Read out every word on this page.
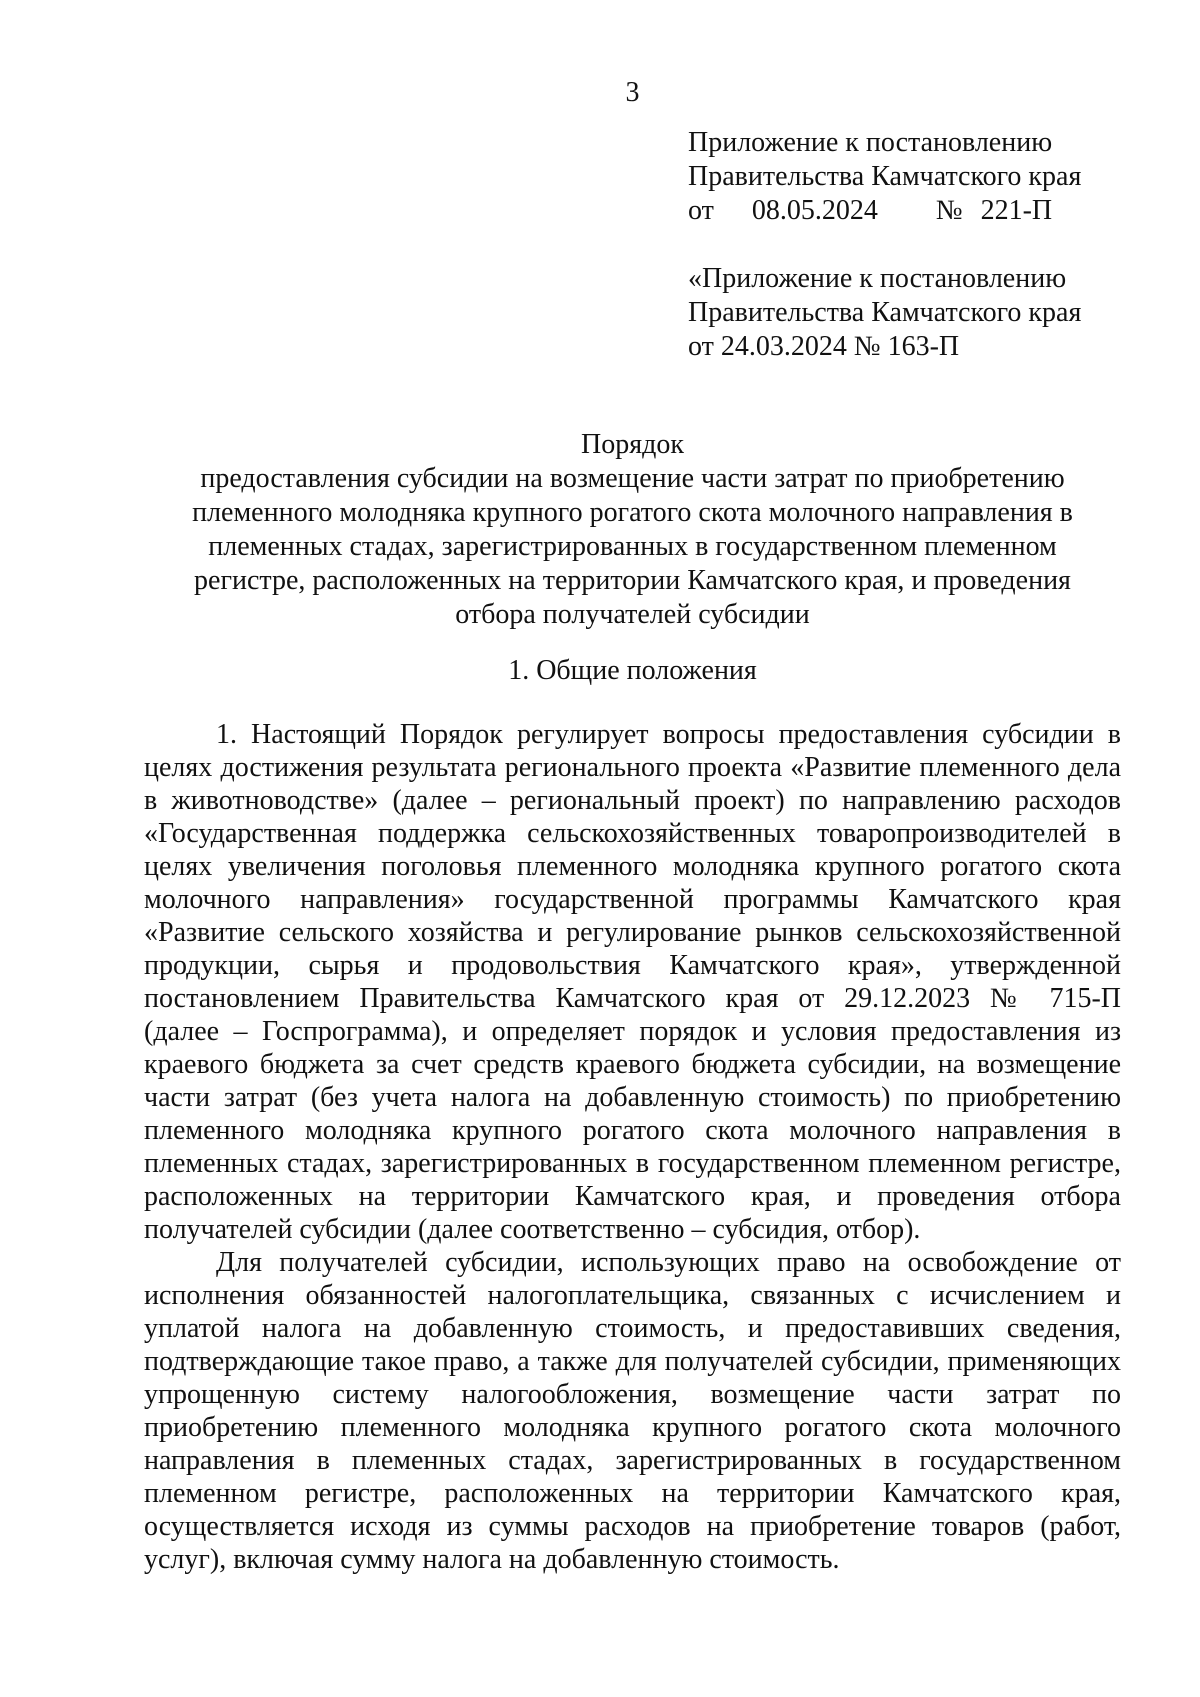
3
Приложение к постановлению
Правительства Камчатского края
от 08.05.2024 № 221-П
«Приложение к постановлению
Правительства Камчатского края
от 24.03.2024 № 163-П
Порядок
предоставления субсидии на возмещение части затрат по приобретению
племенного молодняка крупного рогатого скота молочного направления в
племенных стадах, зарегистрированных в государственном племенном
регистре, расположенных на территории Камчатского края, и проведения
отбора получателей субсидии
1. Общие положения

1. Настоящий Порядок регулирует вопросы предоставления субсидии в
целях достижения результата регионального проекта «Развитие племенного дела
в животноводстве» (далее – региональный проект) по направлению расходов
«Государственная поддержка сельскохозяйственных товаропроизводителей в
целях увеличения поголовья племенного молодняка крупного рогатого скота
молочного направления» государственной программы Камчатского края
«Развитие сельского хозяйства и регулирование рынков сельскохозяйственной
продукции, сырья и продовольствия Камчатского края», утвержденной
постановлением Правительства Камчатского края от 29.12.2023 № 715-П
(далее – Госпрограмма), и определяет порядок и условия предоставления из
краевого бюджета за счет средств краевого бюджета субсидии, на возмещение
части затрат (без учета налога на добавленную стоимость) по приобретению
племенного молодняка крупного рогатого скота молочного направления в
племенных стадах, зарегистрированных в государственном племенном регистре,
расположенных на территории Камчатского края, и проведения отбора
получателей субсидии (далее соответственно – субсидия, отбор).

Для получателей субсидии, использующих право на освобождение от
исполнения обязанностей налогоплательщика, связанных с исчислением и
уплатой налога на добавленную стоимость, и предоставивших сведения,
подтверждающие такое право, а также для получателей субсидии, применяющих
упрощенную систему налогообложения, возмещение части затрат по
приобретению племенного молодняка крупного рогатого скота молочного
направления в племенных стадах, зарегистрированных в государственном
племенном регистре, расположенных на территории Камчатского края,
осуществляется исходя из суммы расходов на приобретение товаров (работ,
услуг), включая сумму налога на добавленную стоимость.
